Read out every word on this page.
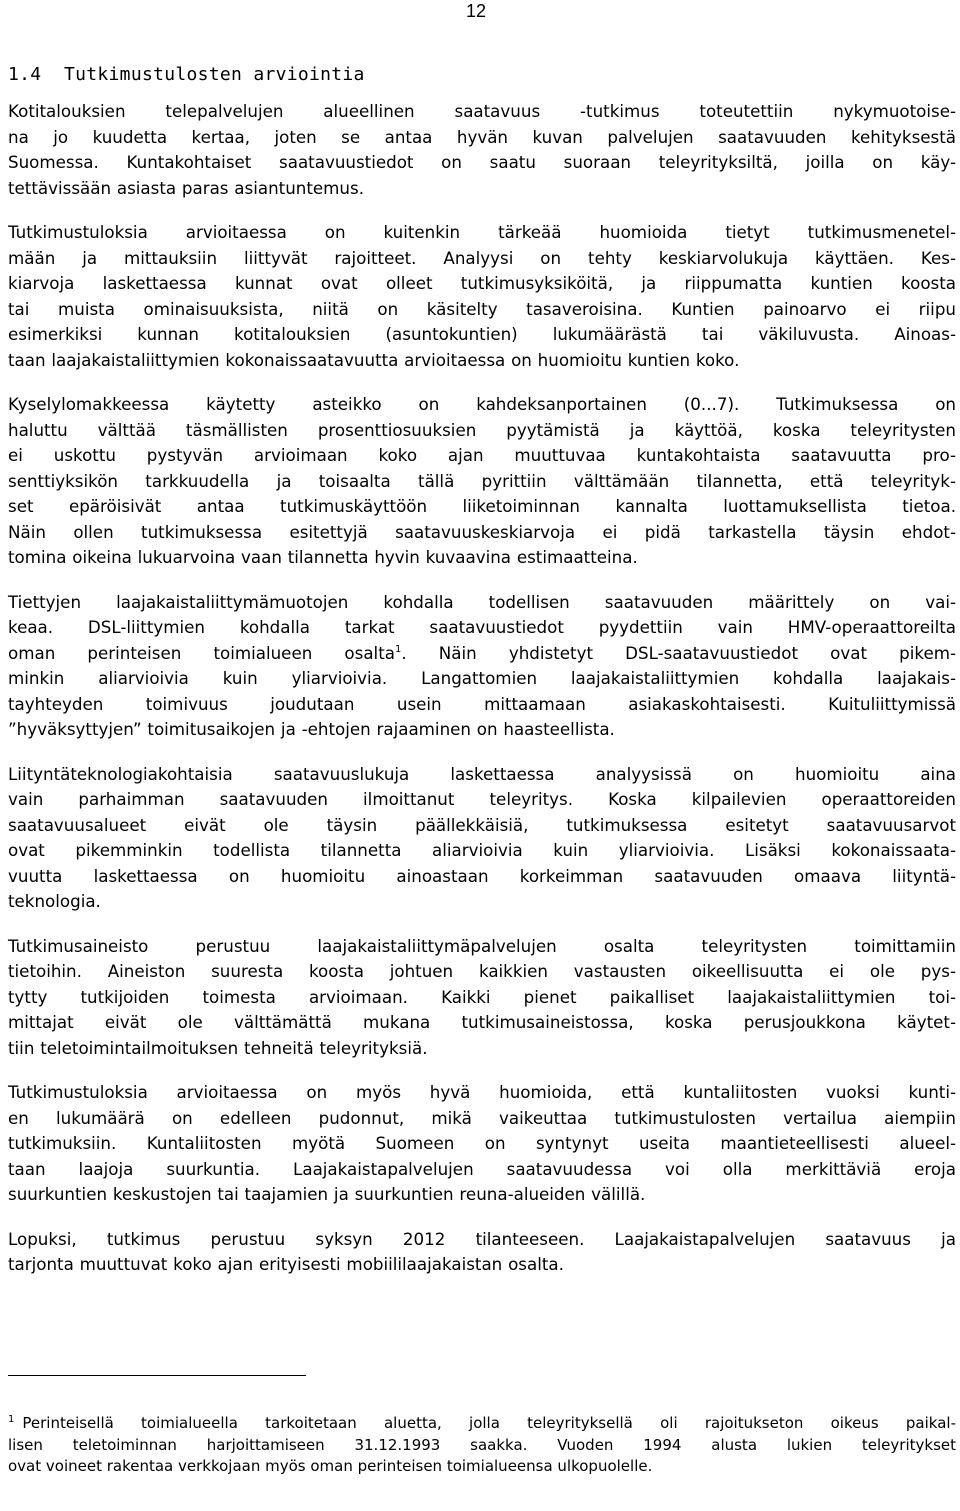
12
1.4 Tutkimustulosten arviointia

Kotitalouksien telepalvelujen alueellinen saatavuus -tutkimus toteutettiin nykymuotoise-
na jo kuudetta kertaa, joten se antaa hyvän kuvan palvelujen saatavuuden kehityksestä
Suomessa. Kuntakohtaiset saatavuustiedot on saatu suoraan teleyrityksiltä, joilla on käy-
tettävissään asiasta paras asiantuntemus.

Tutkimustuloksia arvioitaessa on kuitenkin tärkeää huomioida tietyt tutkimusmenetel-
mään ja mittauksiin liittyvät rajoitteet. Analyysi on tehty keskiarvolukuja käyttäen. Kes-
kiarvoja laskettaessa kunnat ovat olleet tutkimusyksiköitä, ja riippumatta kuntien koosta
tai muista ominaisuuksista, niitä on käsitelty tasaveroisina. Kuntien painoarvo ei riipu
esimerkiksi kunnan kotitalouksien (asuntokuntien) lukumäärästä tai väkiluvusta. Ainoas-
taan laajakaistaliittymien kokonaissaatavuutta arvioitaessa on huomioitu kuntien koko.

Kyselylomakkeessa käytetty asteikko on kahdeksanportainen (0...7). Tutkimuksessa on
haluttu välttää täsmällisten prosenttiosuuksien pyytämistä ja käyttöä, koska teleyritysten
ei uskottu pystyvän arvioimaan koko ajan muuttuvaa kuntakohtaista saatavuutta pro-
senttiyksikön tarkkuudella ja toisaalta tällä pyrittiin välttämään tilannetta, että teleyrityk-
set epäröisivät antaa tutkimuskäyttöön liiketoiminnan kannalta luottamuksellista tietoa.
Näin ollen tutkimuksessa esitettyjä saatavuuskeskiarvoja ei pidä tarkastella täysin ehdot-
tomina oikeina lukuarvoina vaan tilannetta hyvin kuvaavina estimaatteina.

Tiettyjen laajakaistaliittymämuotojen kohdalla todellisen saatavuuden määrittely on vai-
keaa. DSL-liittymien kohdalla tarkat saatavuustiedot pyydettiin vain HMV-operaattoreilta
oman perinteisen toimialueen osalta$^1$. Näin yhdistetyt DSL-saatavuustiedot ovat pikem-
minkin aliarvioivia kuin yliarvioivia. Langattomien laajakaistaliittymien kohdalla laajakais-
tayhteyden toimivuus joudutaan usein mittaamaan asiakaskohtaisesti. Kuituliittymissä
”hyväksyttyjen” toimitusaikojen ja -ehtojen rajaaminen on haasteellista.

Liityntäteknologiakohtaisia saatavuuslukuja laskettaessa analyysissä on huomioitu aina
vain parhaimman saatavuuden ilmoittanut teleyritys. Koska kilpailevien operaattoreiden
saatavuusalueet eivät ole täysin päällekkäisiä, tutkimuksessa esitetyt saatavuusarvot
ovat pikemminkin todellista tilannetta aliarvioivia kuin yliarvioivia. Lisäksi kokonaissaata-
vuutta laskettaessa on huomioitu ainoastaan korkeimman saatavuuden omaava liityntä-
teknologia.

Tutkimusaineisto perustuu laajakaistaliittymäpalvelujen osalta teleyritysten toimittamiin
tietoihin. Aineiston suuresta koosta johtuen kaikkien vastausten oikeellisuutta ei ole pys-
tytty tutkijoiden toimesta arvioimaan. Kaikki pienet paikalliset laajakaistaliittymien toi-
mittajat eivät ole välttämättä mukana tutkimusaineistossa, koska perusjoukkona käytet-
tiin teletoimintailmoituksen tehneitä teleyrityksiä.

Tutkimustuloksia arvioitaessa on myös hyvä huomioida, että kuntaliitosten vuoksi kunti-
en lukumäärä on edelleen pudonnut, mikä vaikeuttaa tutkimustulosten vertailua aiempiin
tutkimuksiin. Kuntaliitosten myötä Suomeen on syntynyt useita maantieteellisesti alueel-
taan laajoja suurkuntia. Laajakaistapalvelujen saatavuudessa voi olla merkittäviä eroja
suurkuntien keskustojen tai taajamien ja suurkuntien reuna-alueiden välillä.

Lopuksi, tutkimus perustuu syksyn 2012 tilanteeseen. Laajakaistapalvelujen saatavuus ja
tarjonta muuttuvat koko ajan erityisesti mobiililaajakaistan osalta.

$^1$ Perinteisellä toimialueella tarkoitetaan aluetta, jolla teleyrityksellä oli rajoitukseton oikeus paikal-
lisen teletoiminnan harjoittamiseen 31.12.1993 saakka. Vuoden 1994 alusta lukien teleyritykset
ovat voineet rakentaa verkkojaan myös oman perinteisen toimialueensa ulkopuolelle.
